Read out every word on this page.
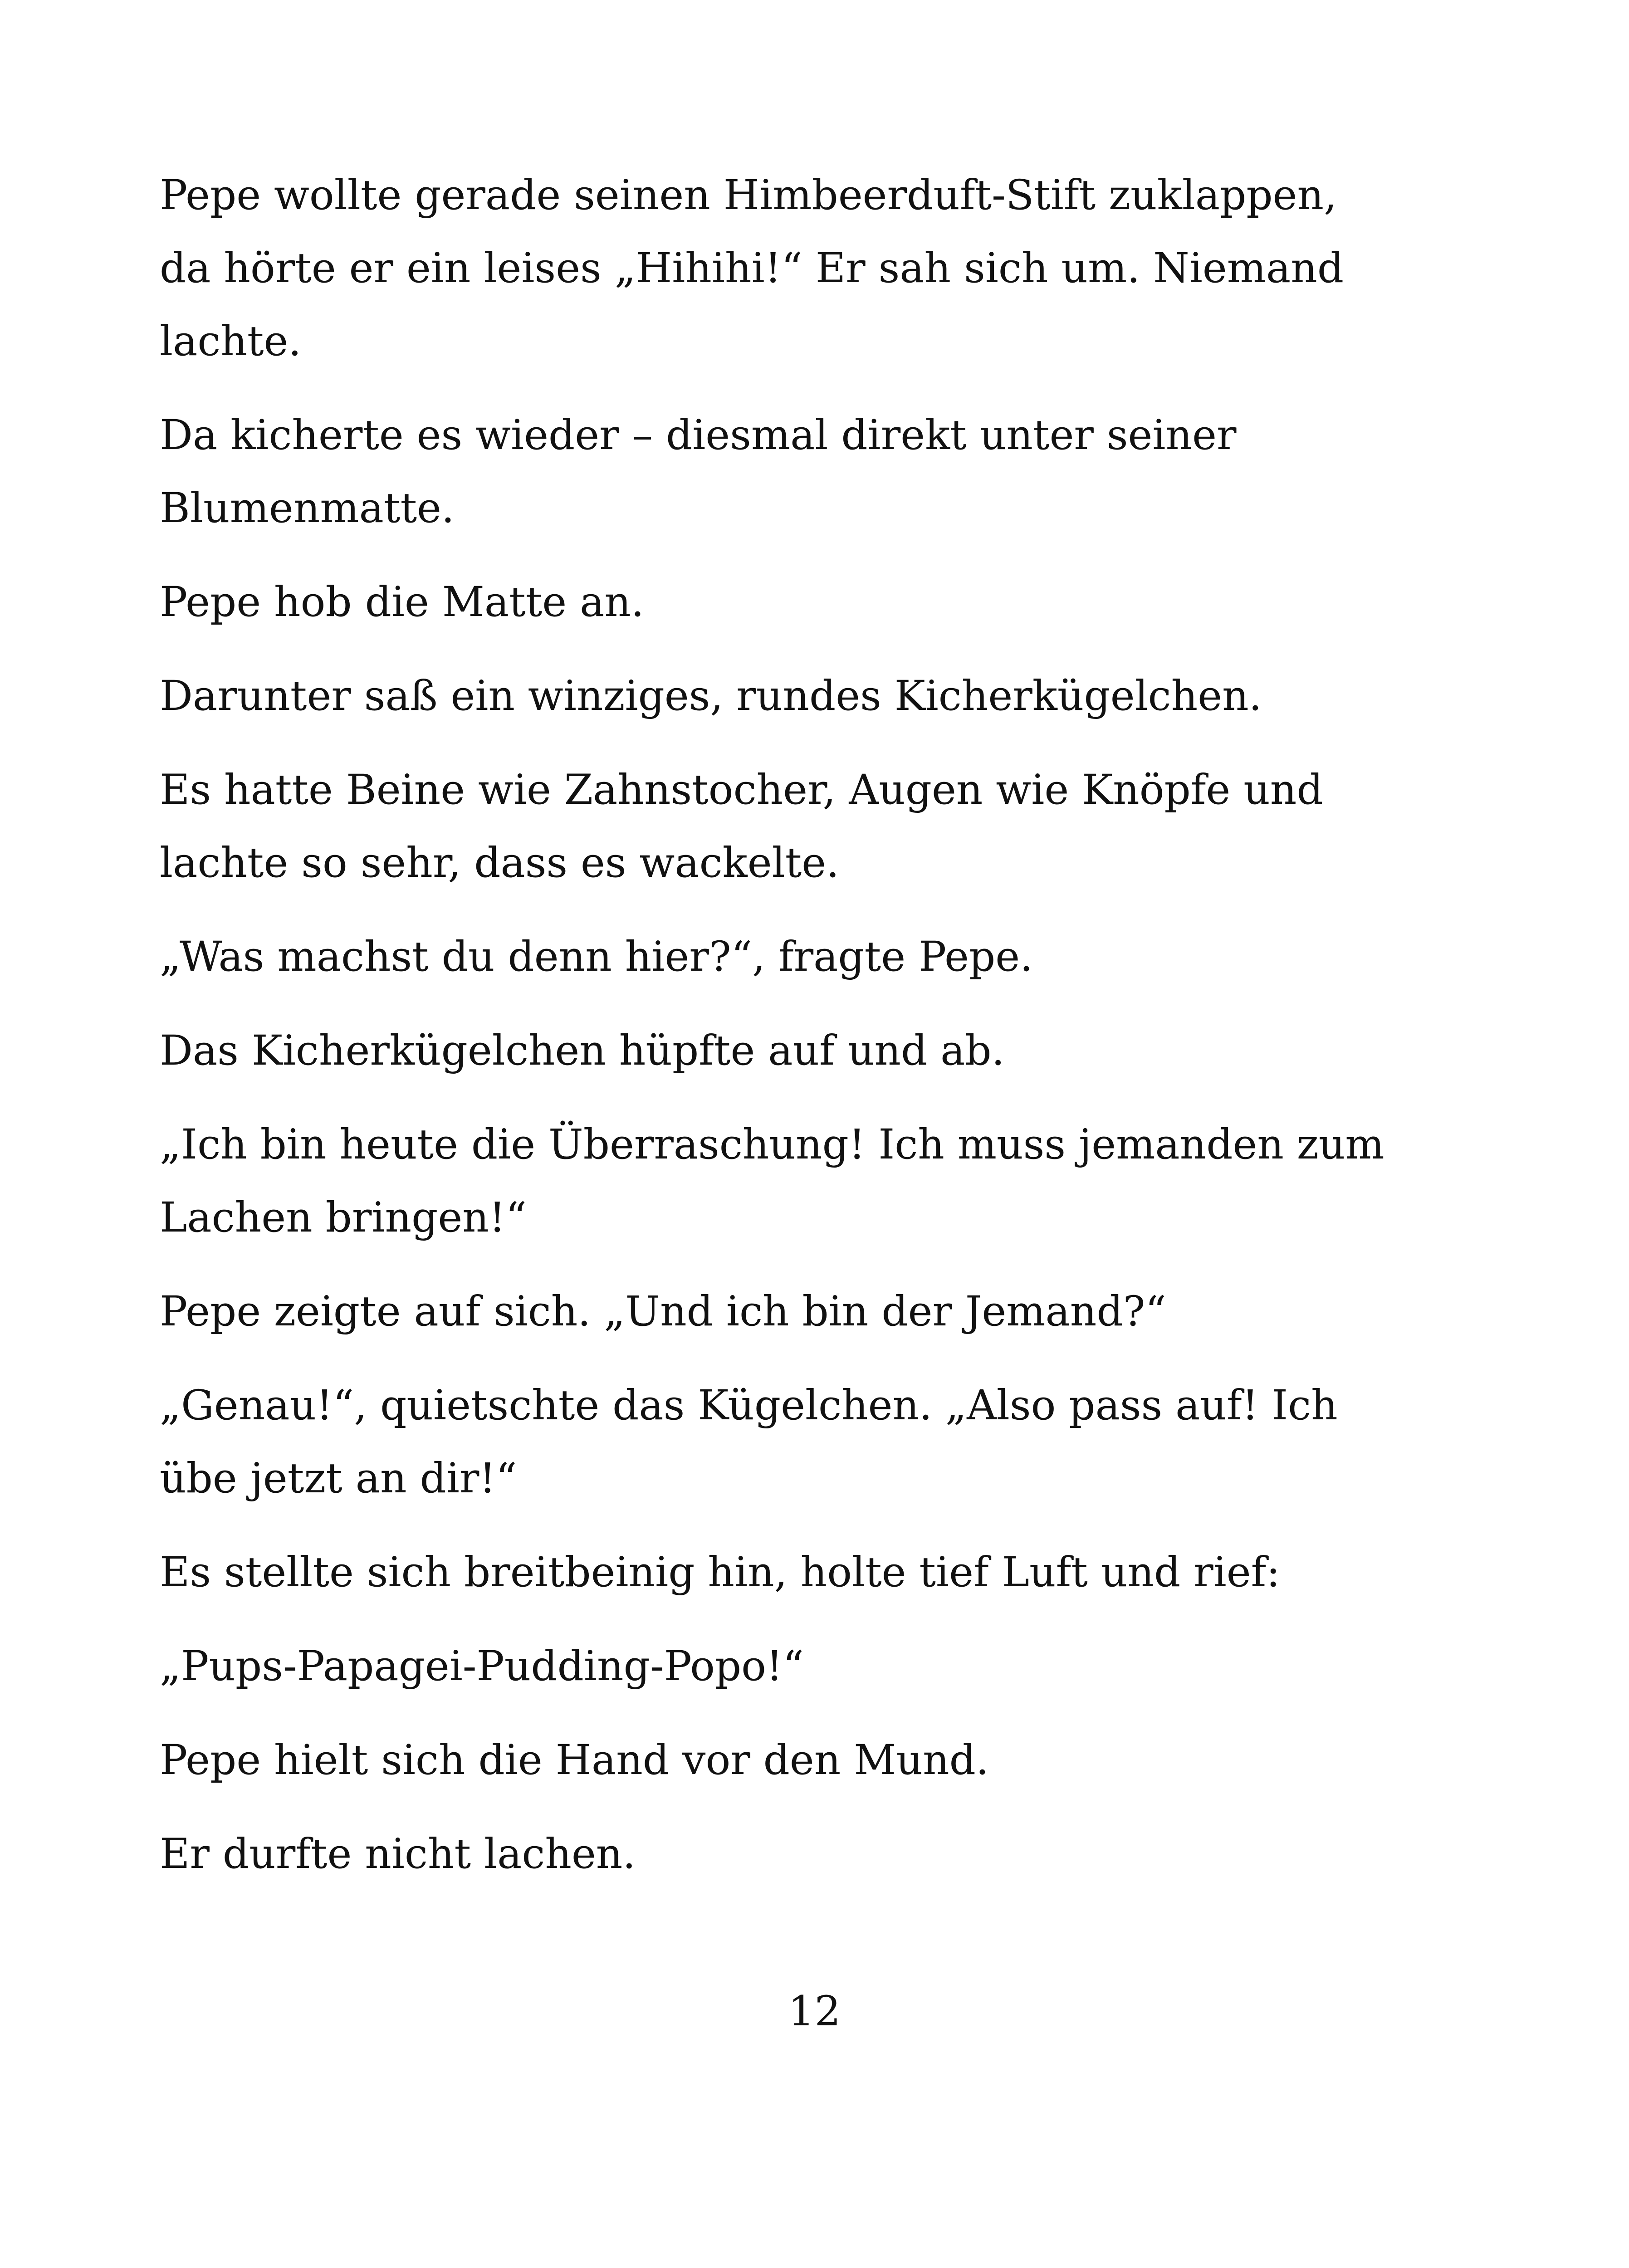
Pepe wollte gerade seinen Himbeerduft-Stift zuklappen, da hörte er ein leises „Hihihi!“ Er sah sich um. Niemand lachte.

Da kicherte es wieder – diesmal direkt unter seiner Blumenmatte.

Pepe hob die Matte an.

Darunter saß ein winziges, rundes Kicherkügelchen.

Es hatte Beine wie Zahnstocher, Augen wie Knöpfe und lachte so sehr, dass es wackelte.

„Was machst du denn hier?“, fragte Pepe.

Das Kicherkügelchen hüpfte auf und ab.

„Ich bin heute die Überraschung! Ich muss jemanden zum Lachen bringen!“

Pepe zeigte auf sich. „Und ich bin der Jemand?“

„Genau!“, quietschte das Kügelchen. „Also pass auf! Ich übe jetzt an dir!“

Es stellte sich breitbeinig hin, holte tief Luft und rief:

„Pups-Papagei-Pudding-Popo!“

Pepe hielt sich die Hand vor den Mund.

Er durfte nicht lachen.

12
